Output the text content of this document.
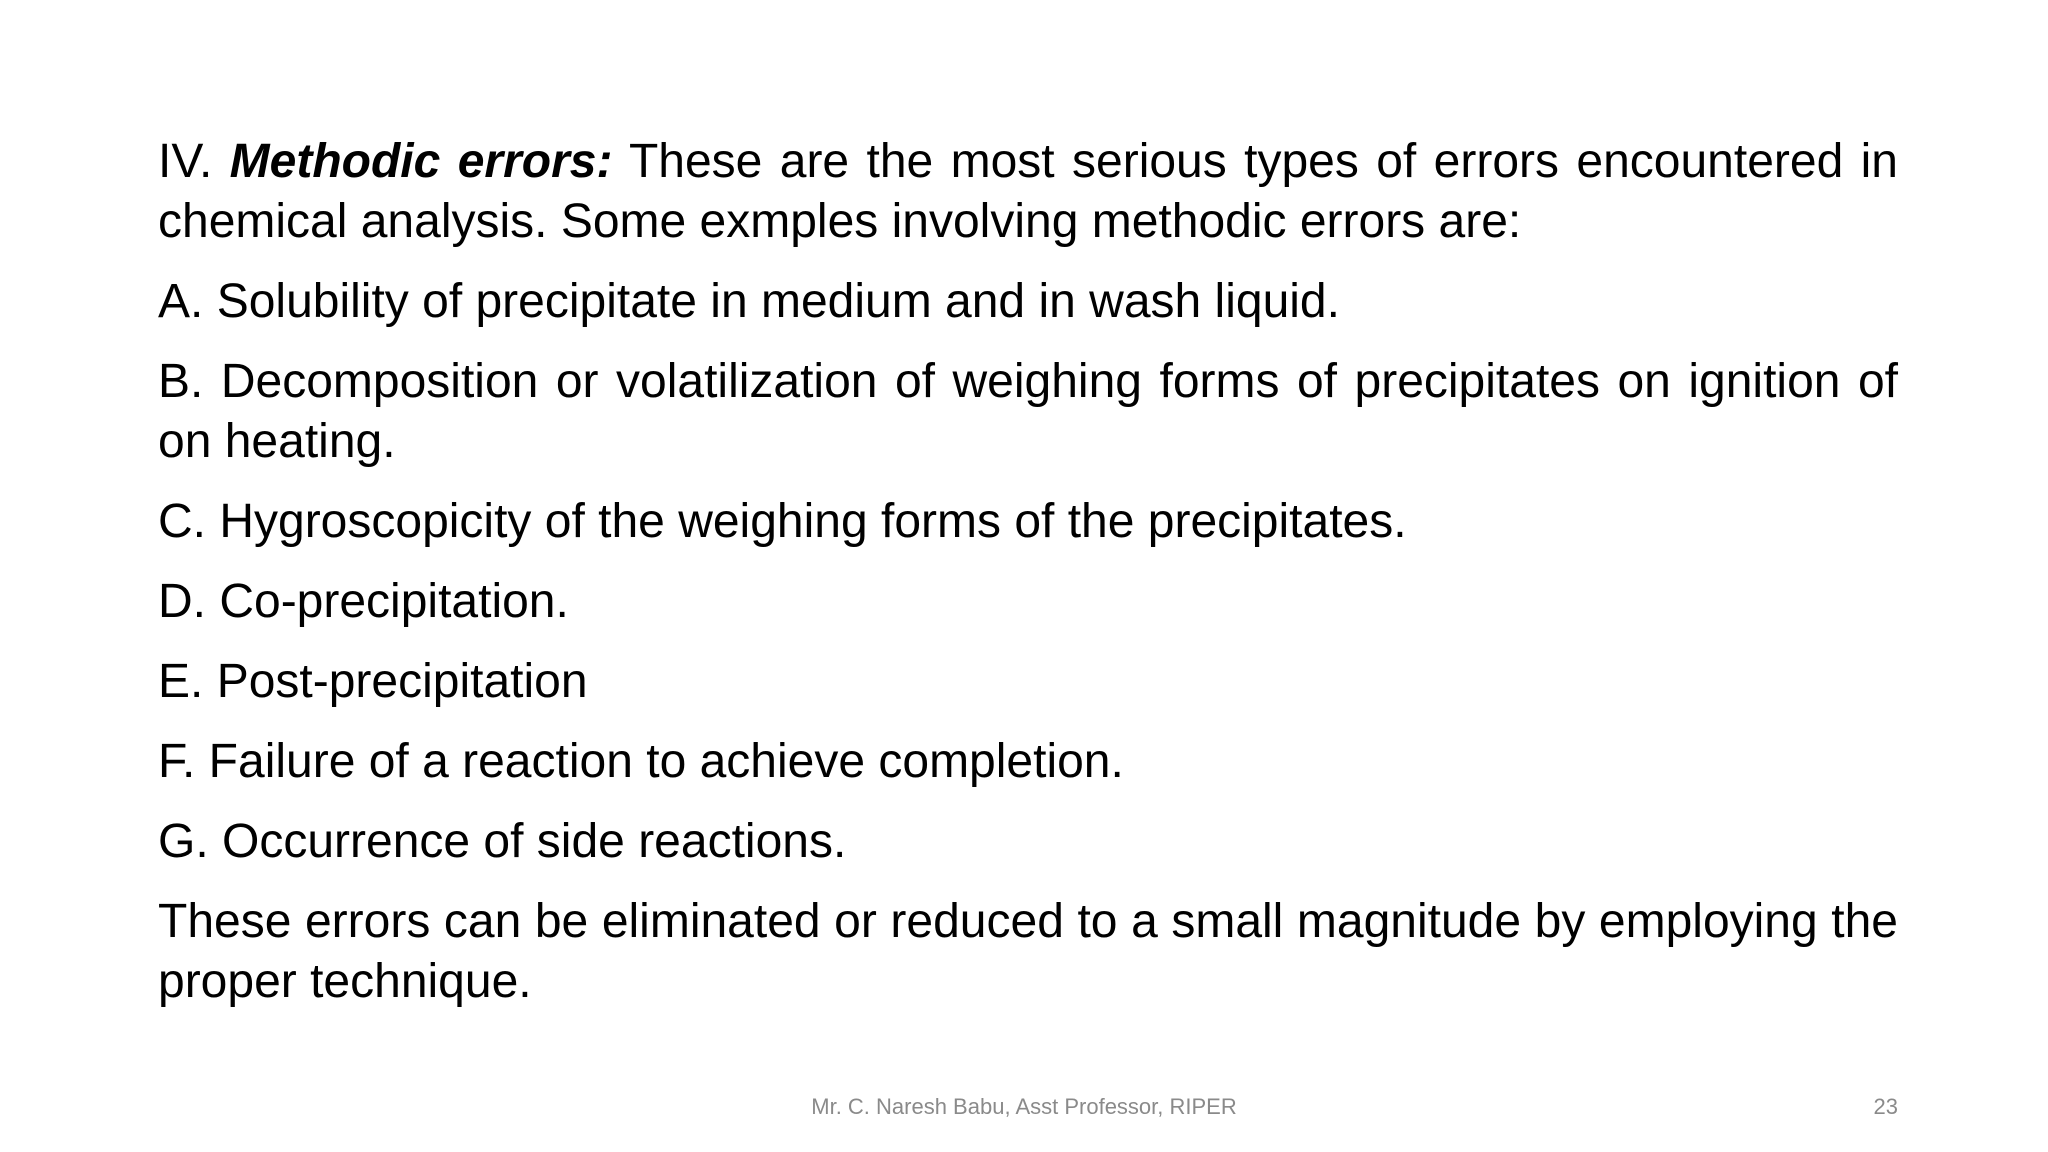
IV. Methodic errors: These are the most serious types of errors encountered in chemical analysis. Some exmples involving methodic errors are:

A. Solubility of precipitate in medium and in wash liquid.

B. Decomposition or volatilization of weighing forms of precipitates on ignition of on heating.

C. Hygroscopicity of the weighing forms of the precipitates.

D. Co-precipitation.

E. Post-precipitation

F. Failure of a reaction to achieve completion.

G. Occurrence of side reactions.

These errors can be eliminated or reduced to a small magnitude by employing the proper technique.

Mr. C. Naresh Babu, Asst Professor, RIPER	23
